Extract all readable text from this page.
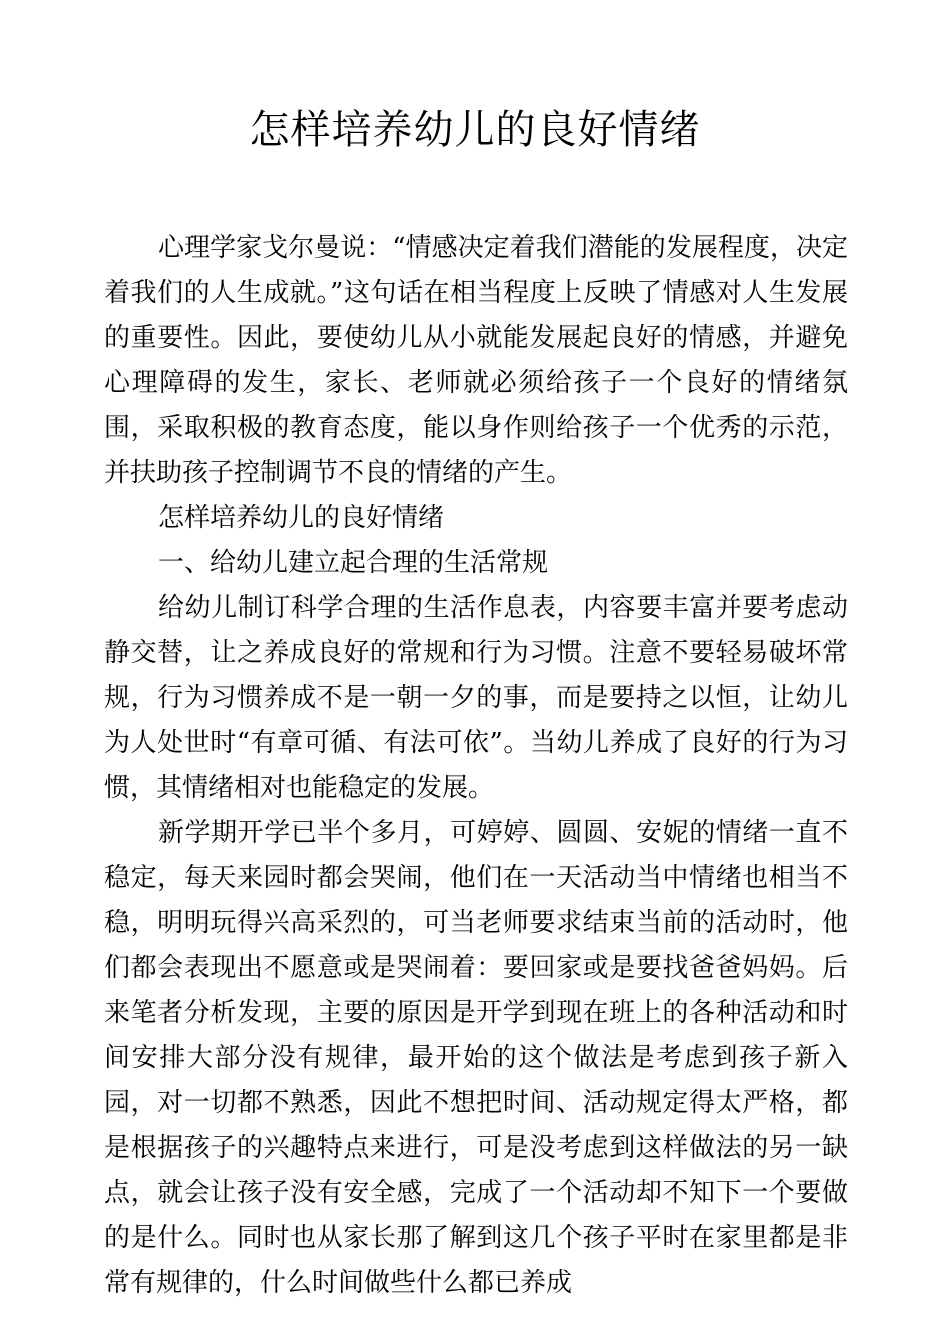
怎样培养幼儿的良好情绪

心理学家戈尔曼说：“情感决定着我们潜能的发展程度，决定着我们的人生成就。”这句话在相当程度上反映了情感对人生发展的重要性。因此，要使幼儿从小就能发展起良好的情感，并避免心理障碍的发生，家长、老师就必须给孩子一个良好的情绪氛围，采取积极的教育态度，能以身作则给孩子一个优秀的示范，并扶助孩子控制调节不良的情绪的产生。

怎样培养幼儿的良好情绪

一、给幼儿建立起合理的生活常规

给幼儿制订科学合理的生活作息表，内容要丰富并要考虑动静交替，让之养成良好的常规和行为习惯。注意不要轻易破坏常规，行为习惯养成不是一朝一夕的事，而是要持之以恒，让幼儿为人处世时“有章可循、有法可依”。当幼儿养成了良好的行为习惯，其情绪相对也能稳定的发展。

新学期开学已半个多月，可婷婷、圆圆、安妮的情绪一直不稳定，每天来园时都会哭闹，他们在一天活动当中情绪也相当不稳，明明玩得兴高采烈的，可当老师要求结束当前的活动时，他们都会表现出不愿意或是哭闹着：要回家或是要找爸爸妈妈。后来笔者分析发现，主要的原因是开学到现在班上的各种活动和时间安排大部分没有规律，最开始的这个做法是考虑到孩子新入园，对一切都不熟悉，因此不想把时间、活动规定得太严格，都是根据孩子的兴趣特点来进行，可是没考虑到这样做法的另一缺点，就会让孩子没有安全感，完成了一个活动却不知下一个要做的是什么。同时也从家长那了解到这几个孩子平时在家里都是非常有规律的，什么时间做些什么都已养成
